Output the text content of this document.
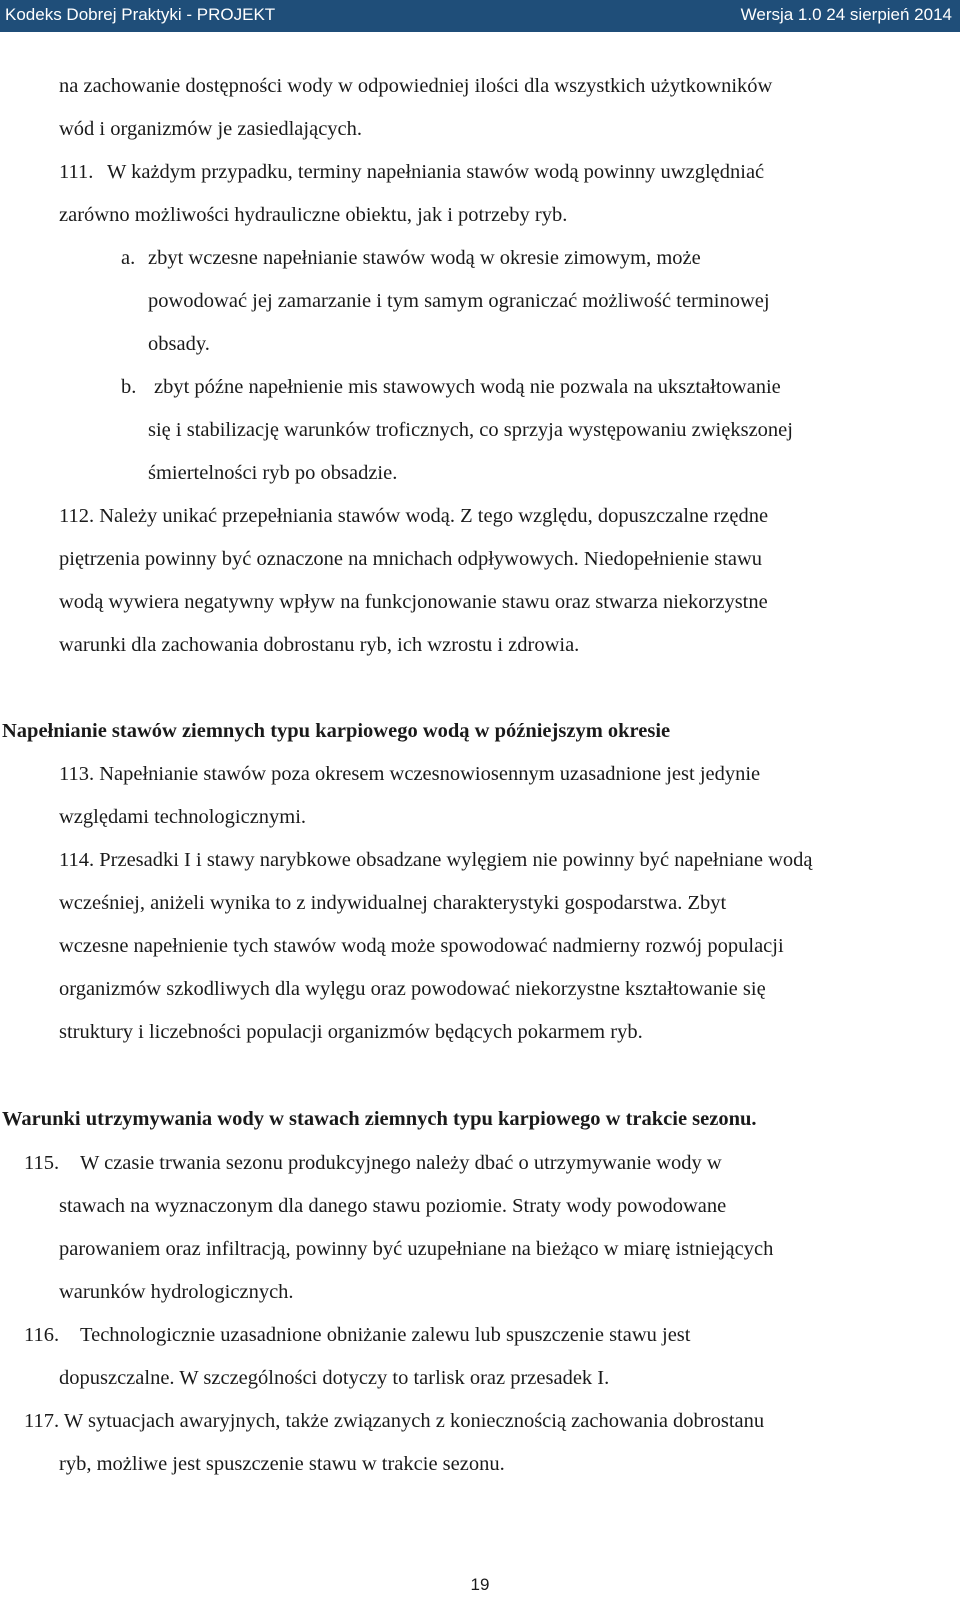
Kodeks Dobrej Praktyki - PROJEKT	Wersja 1.0 24 sierpień 2014
na zachowanie dostępności wody w odpowiedniej ilości dla wszystkich użytkowników
wód i organizmów je zasiedlających.
111. W każdym przypadku, terminy napełniania stawów wodą powinny uwzględniać
zarówno możliwości hydrauliczne obiektu, jak i potrzeby ryb.
a. zbyt wczesne napełnianie stawów wodą w okresie zimowym, może
powodować jej zamarzanie i tym samym ograniczać możliwość terminowej
obsady.
b. zbyt późne napełnienie mis stawowych wodą nie pozwala na ukształtowanie
się i stabilizację warunków troficznych, co sprzyja występowaniu zwiększonej
śmiertelności ryb po obsadzie.
112. Należy unikać przepełniania stawów wodą. Z tego względu, dopuszczalne rzędne
piętrzenia powinny być oznaczone na mnichach odpływowych. Niedopełnienie stawu
wodą wywiera negatywny wpływ na funkcjonowanie stawu oraz stwarza niekorzystne
warunki dla zachowania dobrostanu ryb, ich wzrostu i zdrowia.
Napełnianie stawów ziemnych typu karpiowego wodą w późniejszym okresie
113. Napełnianie stawów poza okresem wczesnowiosennym uzasadnione jest jedynie
względami technologicznymi.
114. Przesadki I i stawy narybkowe obsadzane wylęgiem nie powinny być napełniane wodą
wcześniej, aniżeli wynika to z indywidualnej charakterystyki gospodarstwa. Zbyt
wczesne napełnienie tych stawów wodą może spowodować nadmierny rozwój populacji
organizmów szkodliwych dla wylęgu oraz powodować niekorzystne kształtowanie się
struktury i liczebności populacji organizmów będących pokarmem ryb.
Warunki utrzymywania wody w stawach ziemnych typu karpiowego w trakcie sezonu.
115. W czasie trwania sezonu produkcyjnego należy dbać o utrzymywanie wody w
stawach na wyznaczonym dla danego stawu poziomie. Straty wody powodowane
parowaniem oraz infiltracją, powinny być uzupełniane na bieżąco w miarę istniejących
warunków hydrologicznych.
116. Technologicznie uzasadnione obniżanie zalewu lub spuszczenie stawu jest
dopuszczalne. W szczególności dotyczy to tarlisk oraz przesadek I.
117. W sytuacjach awaryjnych, także związanych z koniecznością zachowania dobrostanu
ryb, możliwe jest spuszczenie stawu w trakcie sezonu.
19
